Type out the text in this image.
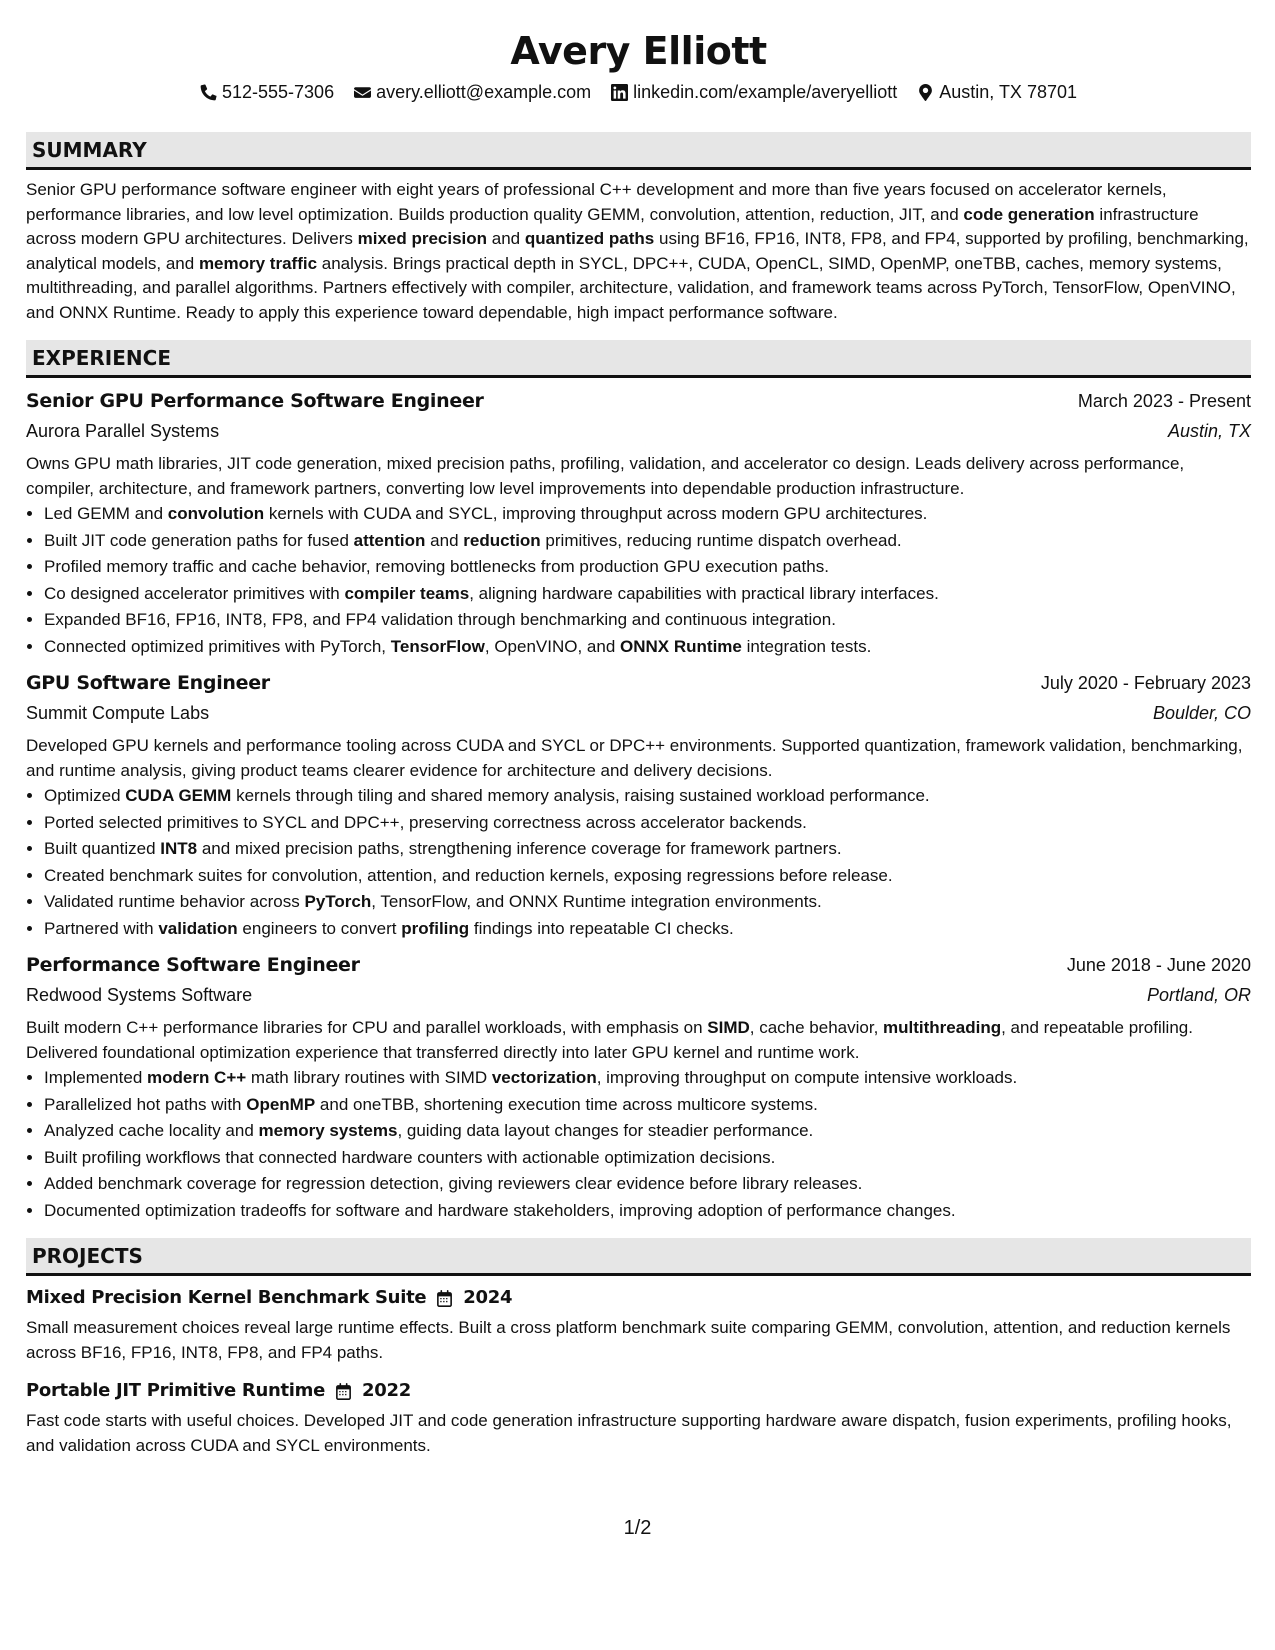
Avery Elliott
512-555-7306 avery.elliott@example.com linkedin.com/example/averyelliott Austin, TX 78701
SUMMARY
Senior GPU performance software engineer with eight years of professional C++ development and more than five years focused on accelerator kernels, performance libraries, and low level optimization. Builds production quality GEMM, convolution, attention, reduction, JIT, and code generation infrastructure across modern GPU architectures. Delivers mixed precision and quantized paths using BF16, FP16, INT8, FP8, and FP4, supported by profiling, benchmarking, analytical models, and memory traffic analysis. Brings practical depth in SYCL, DPC++, CUDA, OpenCL, SIMD, OpenMP, oneTBB, caches, memory systems, multithreading, and parallel algorithms. Partners effectively with compiler, architecture, validation, and framework teams across PyTorch, TensorFlow, OpenVINO, and ONNX Runtime. Ready to apply this experience toward dependable, high impact performance software.
EXPERIENCE
Senior GPU Performance Software Engineer	March 2023 - Present
Aurora Parallel Systems	Austin, TX
Owns GPU math libraries, JIT code generation, mixed precision paths, profiling, validation, and accelerator co design. Leads delivery across performance, compiler, architecture, and framework partners, converting low level improvements into dependable production infrastructure.
• Led GEMM and convolution kernels with CUDA and SYCL, improving throughput across modern GPU architectures.
• Built JIT code generation paths for fused attention and reduction primitives, reducing runtime dispatch overhead.
• Profiled memory traffic and cache behavior, removing bottlenecks from production GPU execution paths.
• Co designed accelerator primitives with compiler teams, aligning hardware capabilities with practical library interfaces.
• Expanded BF16, FP16, INT8, FP8, and FP4 validation through benchmarking and continuous integration.
• Connected optimized primitives with PyTorch, TensorFlow, OpenVINO, and ONNX Runtime integration tests.
GPU Software Engineer	July 2020 - February 2023
Summit Compute Labs	Boulder, CO
Developed GPU kernels and performance tooling across CUDA and SYCL or DPC++ environments. Supported quantization, framework validation, benchmarking, and runtime analysis, giving product teams clearer evidence for architecture and delivery decisions.
• Optimized CUDA GEMM kernels through tiling and shared memory analysis, raising sustained workload performance.
• Ported selected primitives to SYCL and DPC++, preserving correctness across accelerator backends.
• Built quantized INT8 and mixed precision paths, strengthening inference coverage for framework partners.
• Created benchmark suites for convolution, attention, and reduction kernels, exposing regressions before release.
• Validated runtime behavior across PyTorch, TensorFlow, and ONNX Runtime integration environments.
• Partnered with validation engineers to convert profiling findings into repeatable CI checks.
Performance Software Engineer	June 2018 - June 2020
Redwood Systems Software	Portland, OR
Built modern C++ performance libraries for CPU and parallel workloads, with emphasis on SIMD, cache behavior, multithreading, and repeatable profiling. Delivered foundational optimization experience that transferred directly into later GPU kernel and runtime work.
• Implemented modern C++ math library routines with SIMD vectorization, improving throughput on compute intensive workloads.
• Parallelized hot paths with OpenMP and oneTBB, shortening execution time across multicore systems.
• Analyzed cache locality and memory systems, guiding data layout changes for steadier performance.
• Built profiling workflows that connected hardware counters with actionable optimization decisions.
• Added benchmark coverage for regression detection, giving reviewers clear evidence before library releases.
• Documented optimization tradeoffs for software and hardware stakeholders, improving adoption of performance changes.
PROJECTS
Mixed Precision Kernel Benchmark Suite 2024
Small measurement choices reveal large runtime effects. Built a cross platform benchmark suite comparing GEMM, convolution, attention, and reduction kernels across BF16, FP16, INT8, FP8, and FP4 paths.
Portable JIT Primitive Runtime 2022
Fast code starts with useful choices. Developed JIT and code generation infrastructure supporting hardware aware dispatch, fusion experiments, profiling hooks, and validation across CUDA and SYCL environments.
1/2
